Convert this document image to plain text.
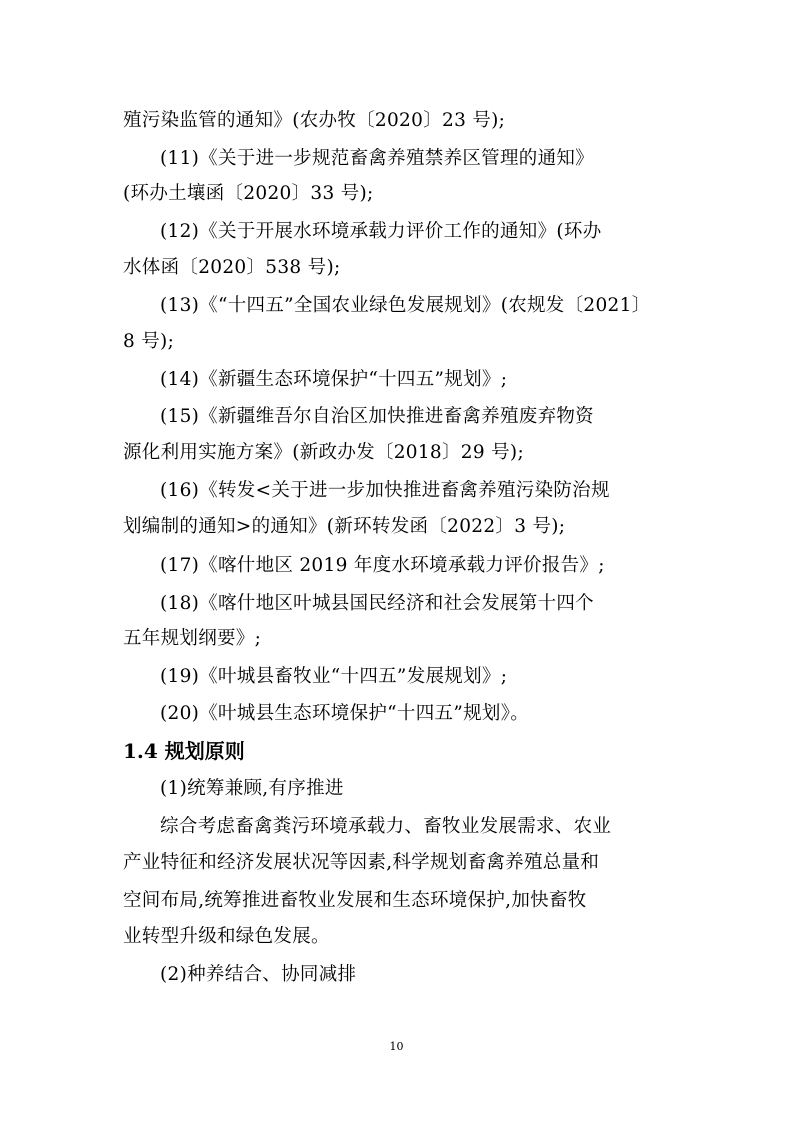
殖污染监管的通知》(农办牧〔2020〕23 号);
(11)《关于进一步规范畜禽养殖禁养区管理的通知》
(环办土壤函〔2020〕33 号);
(12)《关于开展水环境承载力评价工作的通知》(环办
水体函〔2020〕538 号);
(13)《“十四五”全国农业绿色发展规划》(农规发〔2021〕
8 号);
(14)《新疆生态环境保护“十四五”规划》;
(15)《新疆维吾尔自治区加快推进畜禽养殖废弃物资
源化利用实施方案》(新政办发〔2018〕29 号);
(16)《转发<关于进一步加快推进畜禽养殖污染防治规
划编制的通知>的通知》(新环转发函〔2022〕3 号);
(17)《喀什地区 2019 年度水环境承载力评价报告》;
(18)《喀什地区叶城县国民经济和社会发展第十四个
五年规划纲要》;
(19)《叶城县畜牧业“十四五”发展规划》;
(20)《叶城县生态环境保护“十四五”规划》。
1.4 规划原则
(1)统筹兼顾,有序推进
综合考虑畜禽粪污环境承载力、畜牧业发展需求、农业
产业特征和经济发展状况等因素,科学规划畜禽养殖总量和
空间布局,统筹推进畜牧业发展和生态环境保护,加快畜牧
业转型升级和绿色发展。
(2)种养结合、协同减排
10
